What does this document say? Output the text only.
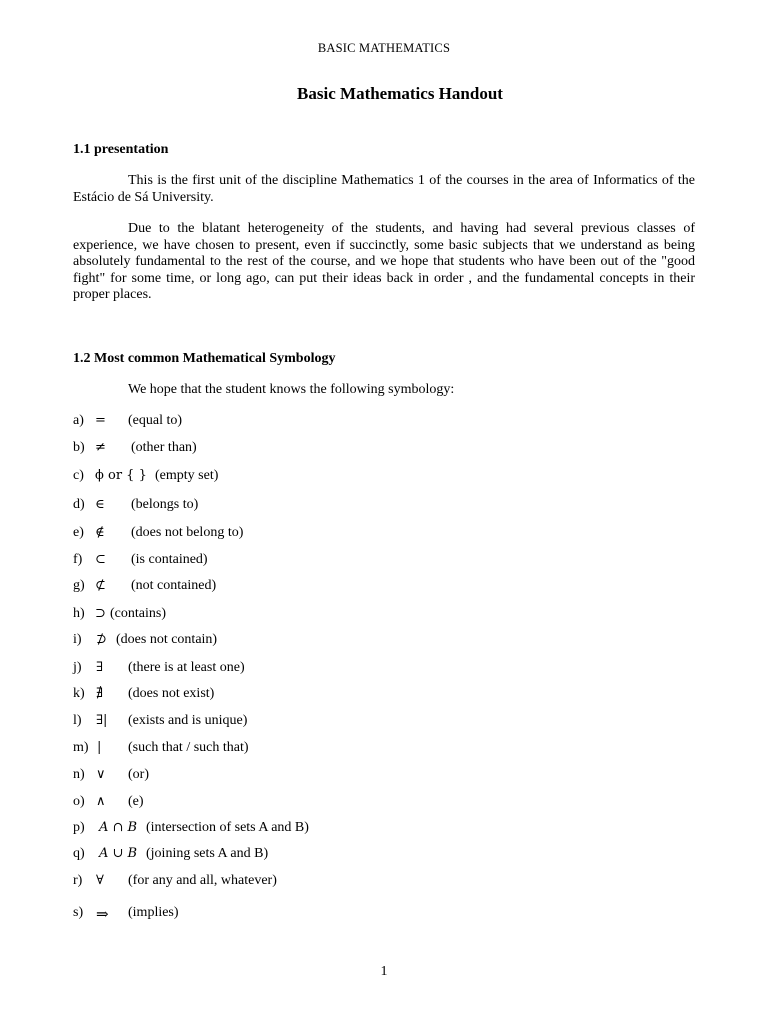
BASIC MATHEMATICS
Basic Mathematics Handout
1.1 presentation
This is the first unit of the discipline Mathematics 1 of the courses in the area of Informatics of the Estácio de Sá University.
Due to the blatant heterogeneity of the students, and having had several previous classes of experience, we have chosen to present, even if succinctly, some basic subjects that we understand as being absolutely fundamental to the rest of the course, and we hope that students who have been out of the "good fight" for some time, or long ago, can put their ideas back in order , and the fundamental concepts in their proper places.
1.2 Most common Mathematical Symbology
We hope that the student knows the following symbology:
a) = (equal to)
b) ≠ (other than)
c) ϕ or { } (empty set)
d) ∈ (belongs to)
e) ∉ (does not belong to)
f) ⊂ (is contained)
g) ⊄ (not contained)
h) ⊃ (contains)
i) ⊅ (does not contain)
j) ∃ (there is at least one)
k) ∄ (does not exist)
l) ∃| (exists and is unique)
m) | (such that / such that)
n) ∨ (or)
o) ∧ (e)
p) A ∩ B (intersection of sets A and B)
q) A ∪ B (joining sets A and B)
r) ∀ (for any and all, whatever)
s) ⇒ (implies)
1
